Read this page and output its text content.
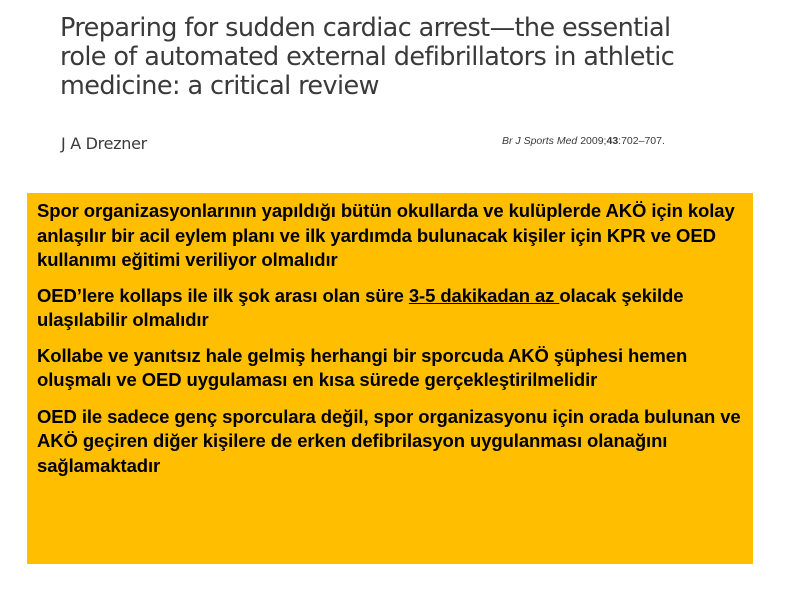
Preparing for sudden cardiac arrest—the essential role of automated external defibrillators in athletic medicine: a critical review
J A Drezner	Br J Sports Med 2009;43:702–707.

Spor organizasyonlarının yapıldığı bütün okullarda ve kulüplerde AKÖ için kolay anlaşılır bir acil eylem planı ve ilk yardımda bulunacak kişiler için KPR ve OED kullanımı eğitimi veriliyor olmalıdır

OED’lere kollaps ile ilk şok arası olan süre 3-5 dakikadan az olacak şekilde ulaşılabilir olmalıdır

Kollabe ve yanıtsız hale gelmiş herhangi bir sporcuda AKÖ şüphesi hemen oluşmalı ve OED uygulaması en kısa sürede gerçekleştirilmelidir

OED ile sadece genç sporculara değil, spor organizasyonu için orada bulunan ve AKÖ geçiren diğer kişilere de erken defibrilasyon uygulanması olanağını sağlamaktadır
